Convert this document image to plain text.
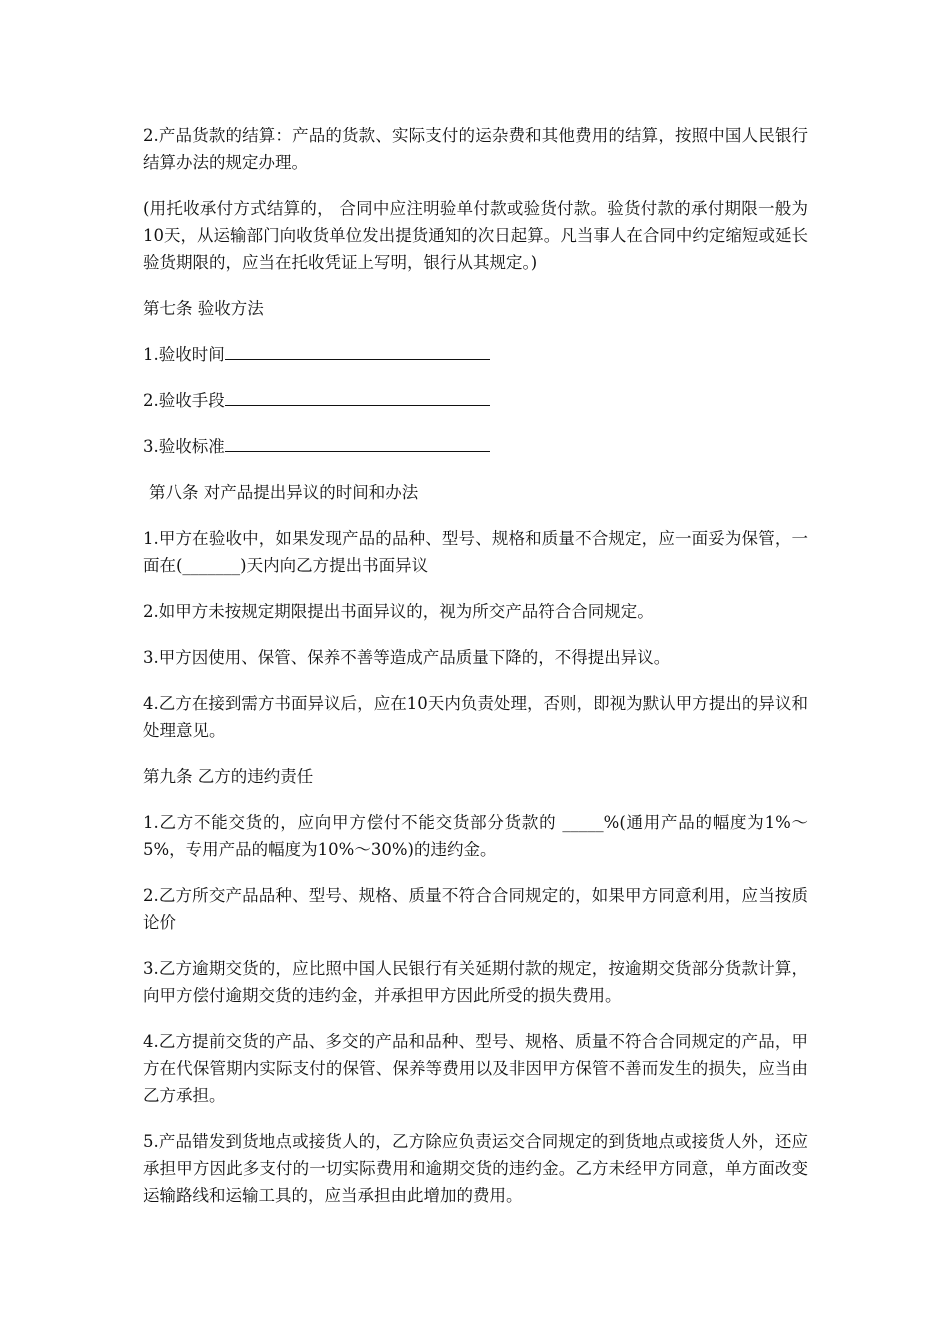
2.产品货款的结算：产品的货款、实际支付的运杂费和其他费用的结算，按照中国人民银行结算办法的规定办理。

(用托收承付方式结算的， 合同中应注明验单付款或验货付款。验货付款的承付期限一般为10天，从运输部门向收货单位发出提货通知的次日起算。凡当事人在合同中约定缩短或延长验货期限的，应当在托收凭证上写明，银行从其规定。)

第七条 验收方法

1.验收时间

2.验收手段

3.验收标准

第八条 对产品提出异议的时间和办法

1.甲方在验收中，如果发现产品的品种、型号、规格和质量不合规定，应一面妥为保管，一面在(_______)天内向乙方提出书面异议

2.如甲方未按规定期限提出书面异议的，视为所交产品符合合同规定。

3.甲方因使用、保管、保养不善等造成产品质量下降的，不得提出异议。

4.乙方在接到需方书面异议后，应在10天内负责处理，否则，即视为默认甲方提出的异议和处理意见。

第九条 乙方的违约责任

1.乙方不能交货的，应向甲方偿付不能交货部分货款的 _____%(通用产品的幅度为1%～5%，专用产品的幅度为10%～30%)的违约金。

2.乙方所交产品品种、型号、规格、质量不符合合同规定的，如果甲方同意利用，应当按质论价

3.乙方逾期交货的，应比照中国人民银行有关延期付款的规定，按逾期交货部分货款计算，向甲方偿付逾期交货的违约金，并承担甲方因此所受的损失费用。

4.乙方提前交货的产品、多交的产品和品种、型号、规格、质量不符合合同规定的产品，甲方在代保管期内实际支付的保管、保养等费用以及非因甲方保管不善而发生的损失，应当由乙方承担。

5.产品错发到货地点或接货人的，乙方除应负责运交合同规定的到货地点或接货人外，还应承担甲方因此多支付的一切实际费用和逾期交货的违约金。乙方未经甲方同意，单方面改变运输路线和运输工具的，应当承担由此增加的费用。
